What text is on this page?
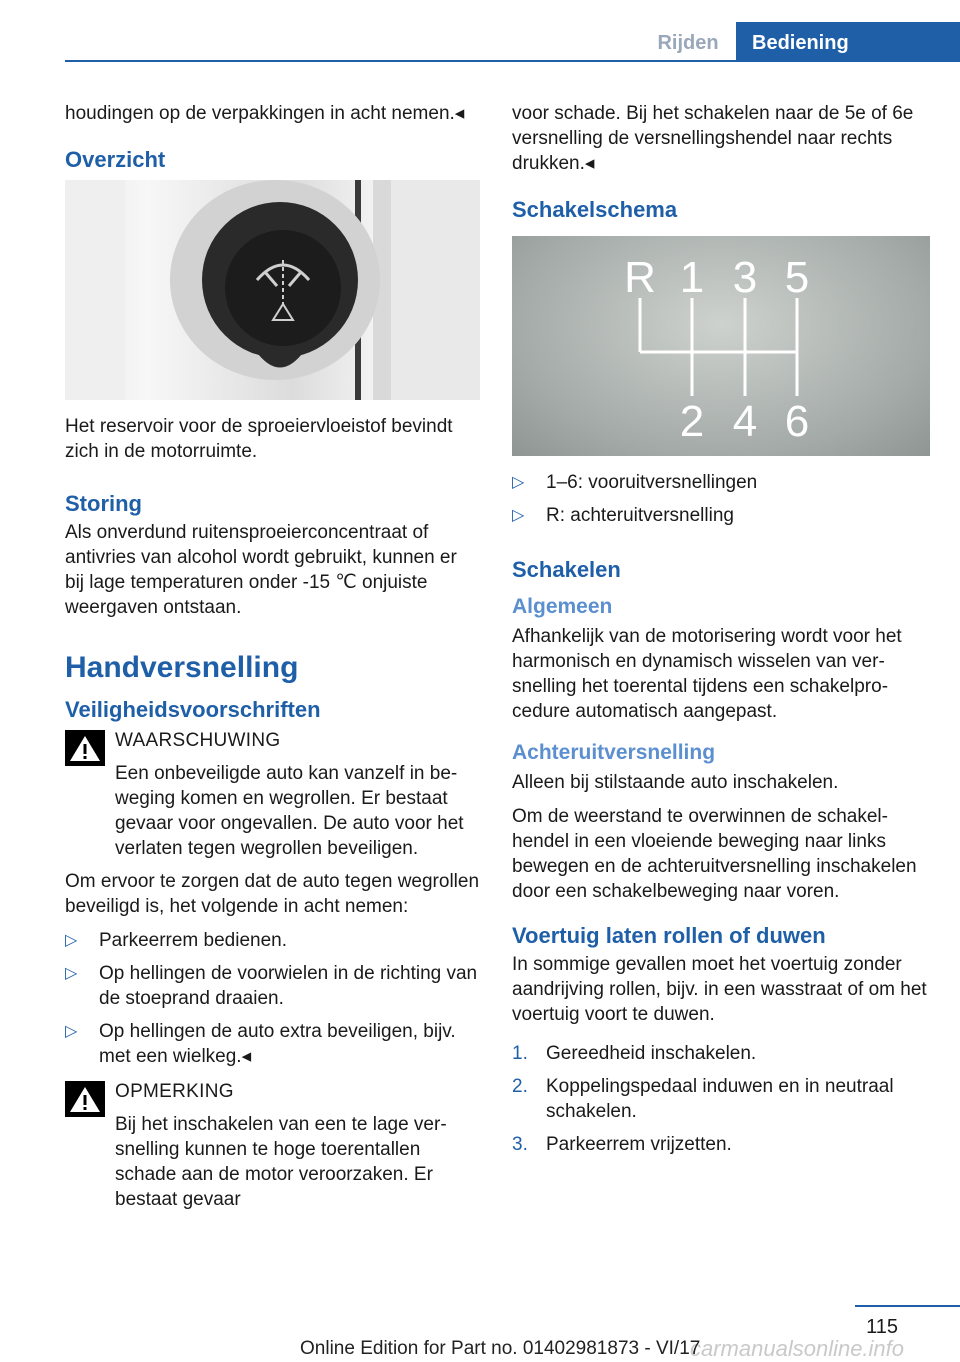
Rijden	Bediening

houdingen op de verpakkingen in acht nemen.◂

Overzicht

Het reservoir voor de sproeiervloeistof bevindt zich in de motorruimte.

Storing

Als onverdund ruitensproeierconcentraat of antivries van alcohol wordt gebruikt, kunnen er bij lage temperaturen onder -15 ℃ onjuiste weergaven ontstaan.

Handversnelling
Veiligheidsvoorschriften
WAARSCHUWING
Een onbeveiligde auto kan vanzelf in beweging komen en wegrollen. Er bestaat gevaar voor ongevallen. De auto voor het verlaten tegen wegrollen beveiligen.

Om ervoor te zorgen dat de auto tegen wegrollen beveiligd is, het volgende in acht nemen:

▷ Parkeerrem bedienen.
▷ Op hellingen de voorwielen in de richting van de stoeprand draaien.
▷ Op hellingen de auto extra beveiligen, bijv. met een wielkeg.◂
OPMERKING
Bij het inschakelen van een te lage versnelling kunnen te hoge toerentallen schade aan de motor veroorzaken. Er bestaat gevaar

voor schade. Bij het schakelen naar de 5e of 6e versnelling de versnellingshendel naar rechts drukken.◂

Schakelschema
R 1 3 5
2 4 6
▷ 1–6: vooruitversnellingen
▷ R: achteruitversnelling
Schakelen
Algemeen

Afhankelijk van de motorisering wordt voor het harmonisch en dynamisch wisselen van versnelling het toerental tijdens een schakelprocedure automatisch aangepast.

Achteruitversnelling

Alleen bij stilstaande auto inschakelen.

Om de weerstand te overwinnen de schakelhendel in een vloeiende beweging naar links bewegen en de achteruitversnelling inschakelen door een schakelbeweging naar voren.

Voertuig laten rollen of duwen

In sommige gevallen moet het voertuig zonder aandrijving rollen, bijv. in een wasstraat of om het voertuig voort te duwen.

1. Gereedheid inschakelen.
2. Koppelingspedaal induwen en in neutraal schakelen.
3. Parkeerrem vrijzetten.
115
carmanualsonline.info
Online Edition for Part no. 01402981873 - VI/17
